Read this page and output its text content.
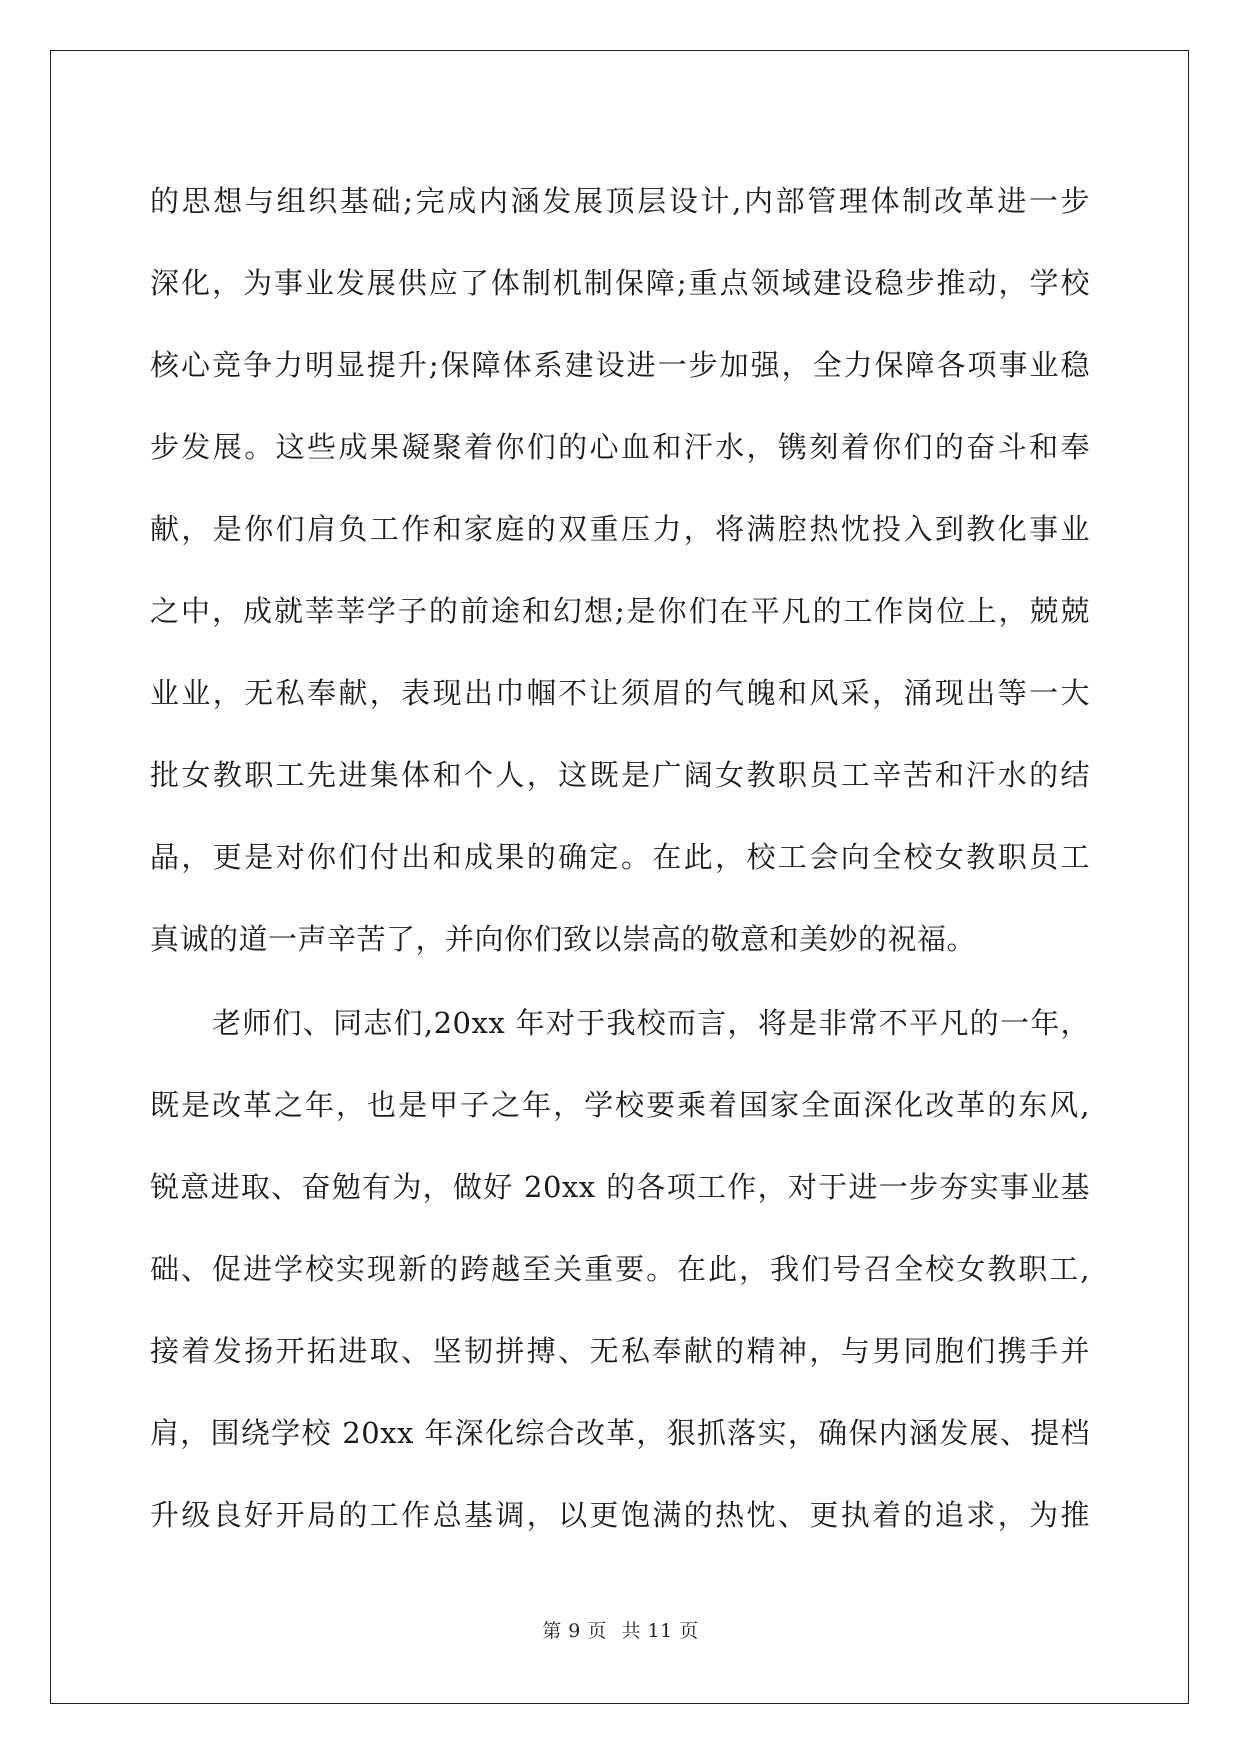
的思想与组织基础;完成内涵发展顶层设计,内部管理体制改革进一步
深化，为事业发展供应了体制机制保障;重点领域建设稳步推动，学校
核心竞争力明显提升;保障体系建设进一步加强，全力保障各项事业稳
步发展。这些成果凝聚着你们的心血和汗水，镌刻着你们的奋斗和奉
献，是你们肩负工作和家庭的双重压力，将满腔热忱投入到教化事业
之中，成就莘莘学子的前途和幻想;是你们在平凡的工作岗位上，兢兢
业业，无私奉献，表现出巾帼不让须眉的气魄和风采，涌现出等一大
批女教职工先进集体和个人，这既是广阔女教职员工辛苦和汗水的结
晶，更是对你们付出和成果的确定。在此，校工会向全校女教职员工
真诚的道一声辛苦了，并向你们致以崇高的敬意和美妙的祝福。
老师们、同志们,20xx 年对于我校而言，将是非常不平凡的一年，
既是改革之年，也是甲子之年，学校要乘着国家全面深化改革的东风,
锐意进取、奋勉有为，做好 20xx 的各项工作，对于进一步夯实事业基
础、促进学校实现新的跨越至关重要。在此，我们号召全校女教职工,
接着发扬开拓进取、坚韧拼搏、无私奉献的精神，与男同胞们携手并
肩，围绕学校 20xx 年深化综合改革，狠抓落实，确保内涵发展、提档
升级良好开局的工作总基调，以更饱满的热忱、更执着的追求，为推
第 9 页 共 11 页
